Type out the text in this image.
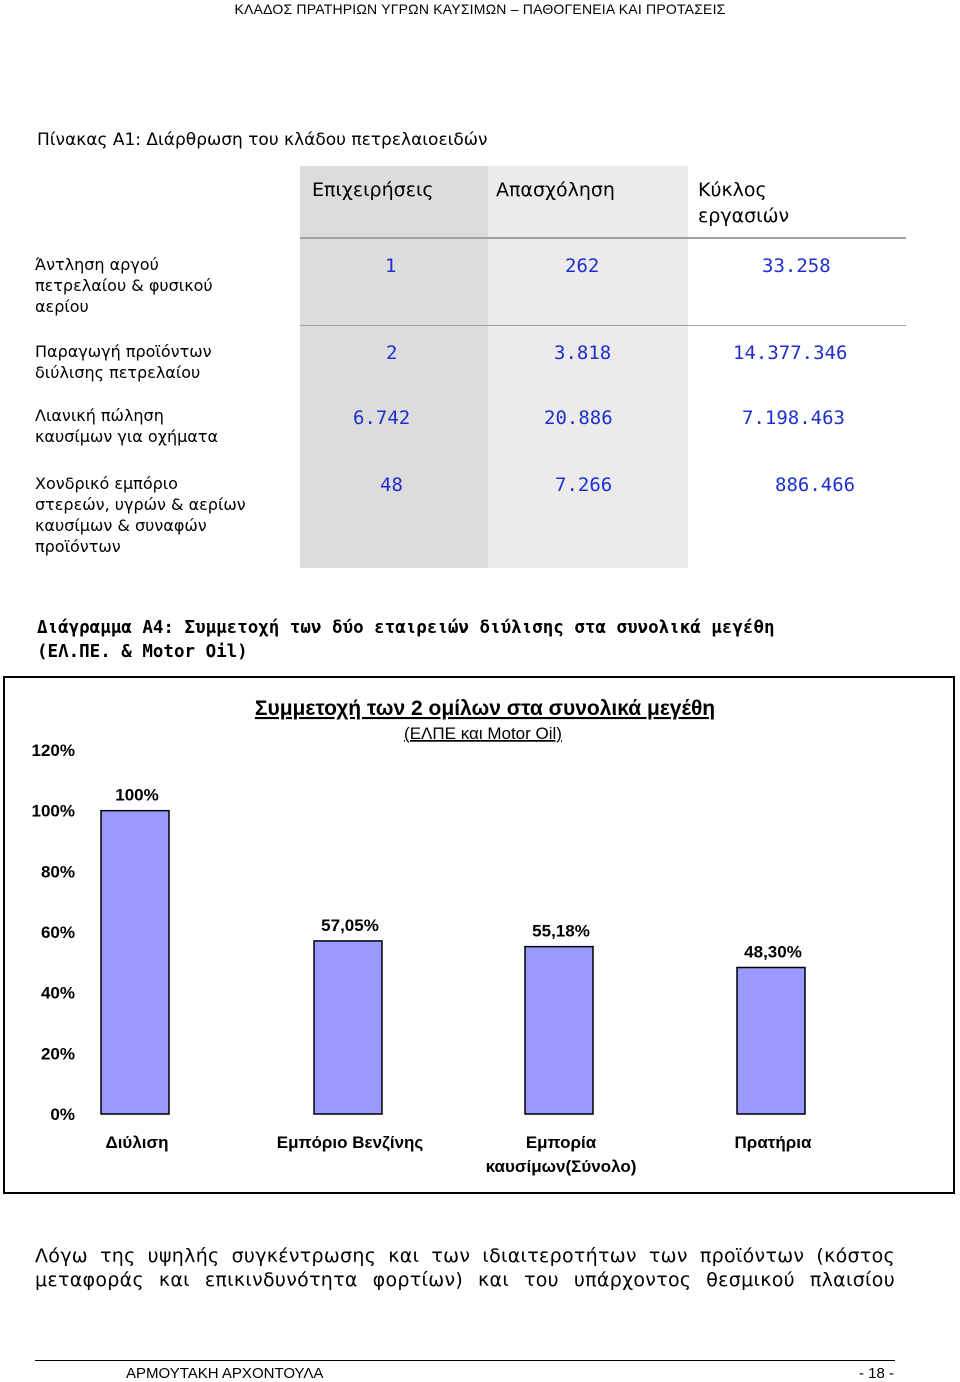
ΚΛΑΔΟΣ ΠΡΑΤΗΡΙΩΝ ΥΓΡΩΝ ΚΑΥΣΙΜΩΝ – ΠΑΘΟΓΕΝΕΙΑ ΚΑΙ ΠΡΟΤΑΣΕΙΣ
Πίνακας Α1: Διάρθρωση του κλάδου πετρελαιοειδών
Επιχειρήσεις	Απασχόληση	Κύκλος
εργασιών
Άντληση αργού
πετρελαίου & φυσικού
αερίου
1	262	33.258
Παραγωγή προϊόντων
διύλισης πετρελαίου
2	3.818	14.377.346
Λιανική πώληση
καυσίμων για οχήματα
6.742	20.886	7.198.463
Χονδρικό εμπόριο
στερεών, υγρών & αερίων
καυσίμων & συναφών
προϊόντων
48	7.266	886.466
Διάγραμμα Α4: Συμμετοχή των δύο εταιρειών διύλισης στα συνολικά μεγέθη
(ΕΛ.ΠΕ. & Motor Oil)
Συμμετοχή των 2 ομίλων στα συνολικά μεγέθη
(ΕΛΠΕ και Motor Oil)
0%
20%
40%
60%
80%
100%
120%
100%
57,05%	55,18%
48,30%
Διύλιση	Εμπόριο Βενζίνης	Εμπορία
καυσίμων(Σύνολο)
Πρατήρια
Λόγω της υψηλής συγκέντρωσης και των ιδιαιτεροτήτων των προϊόντων (κόστος
μεταφοράς και επικινδυνότητα φορτίων) και του υπάρχοντος θεσμικού πλαισίου
ΑΡΜΟΥΤΑΚΗ ΑΡΧΟΝΤΟΥΛΑ	- 18 -
